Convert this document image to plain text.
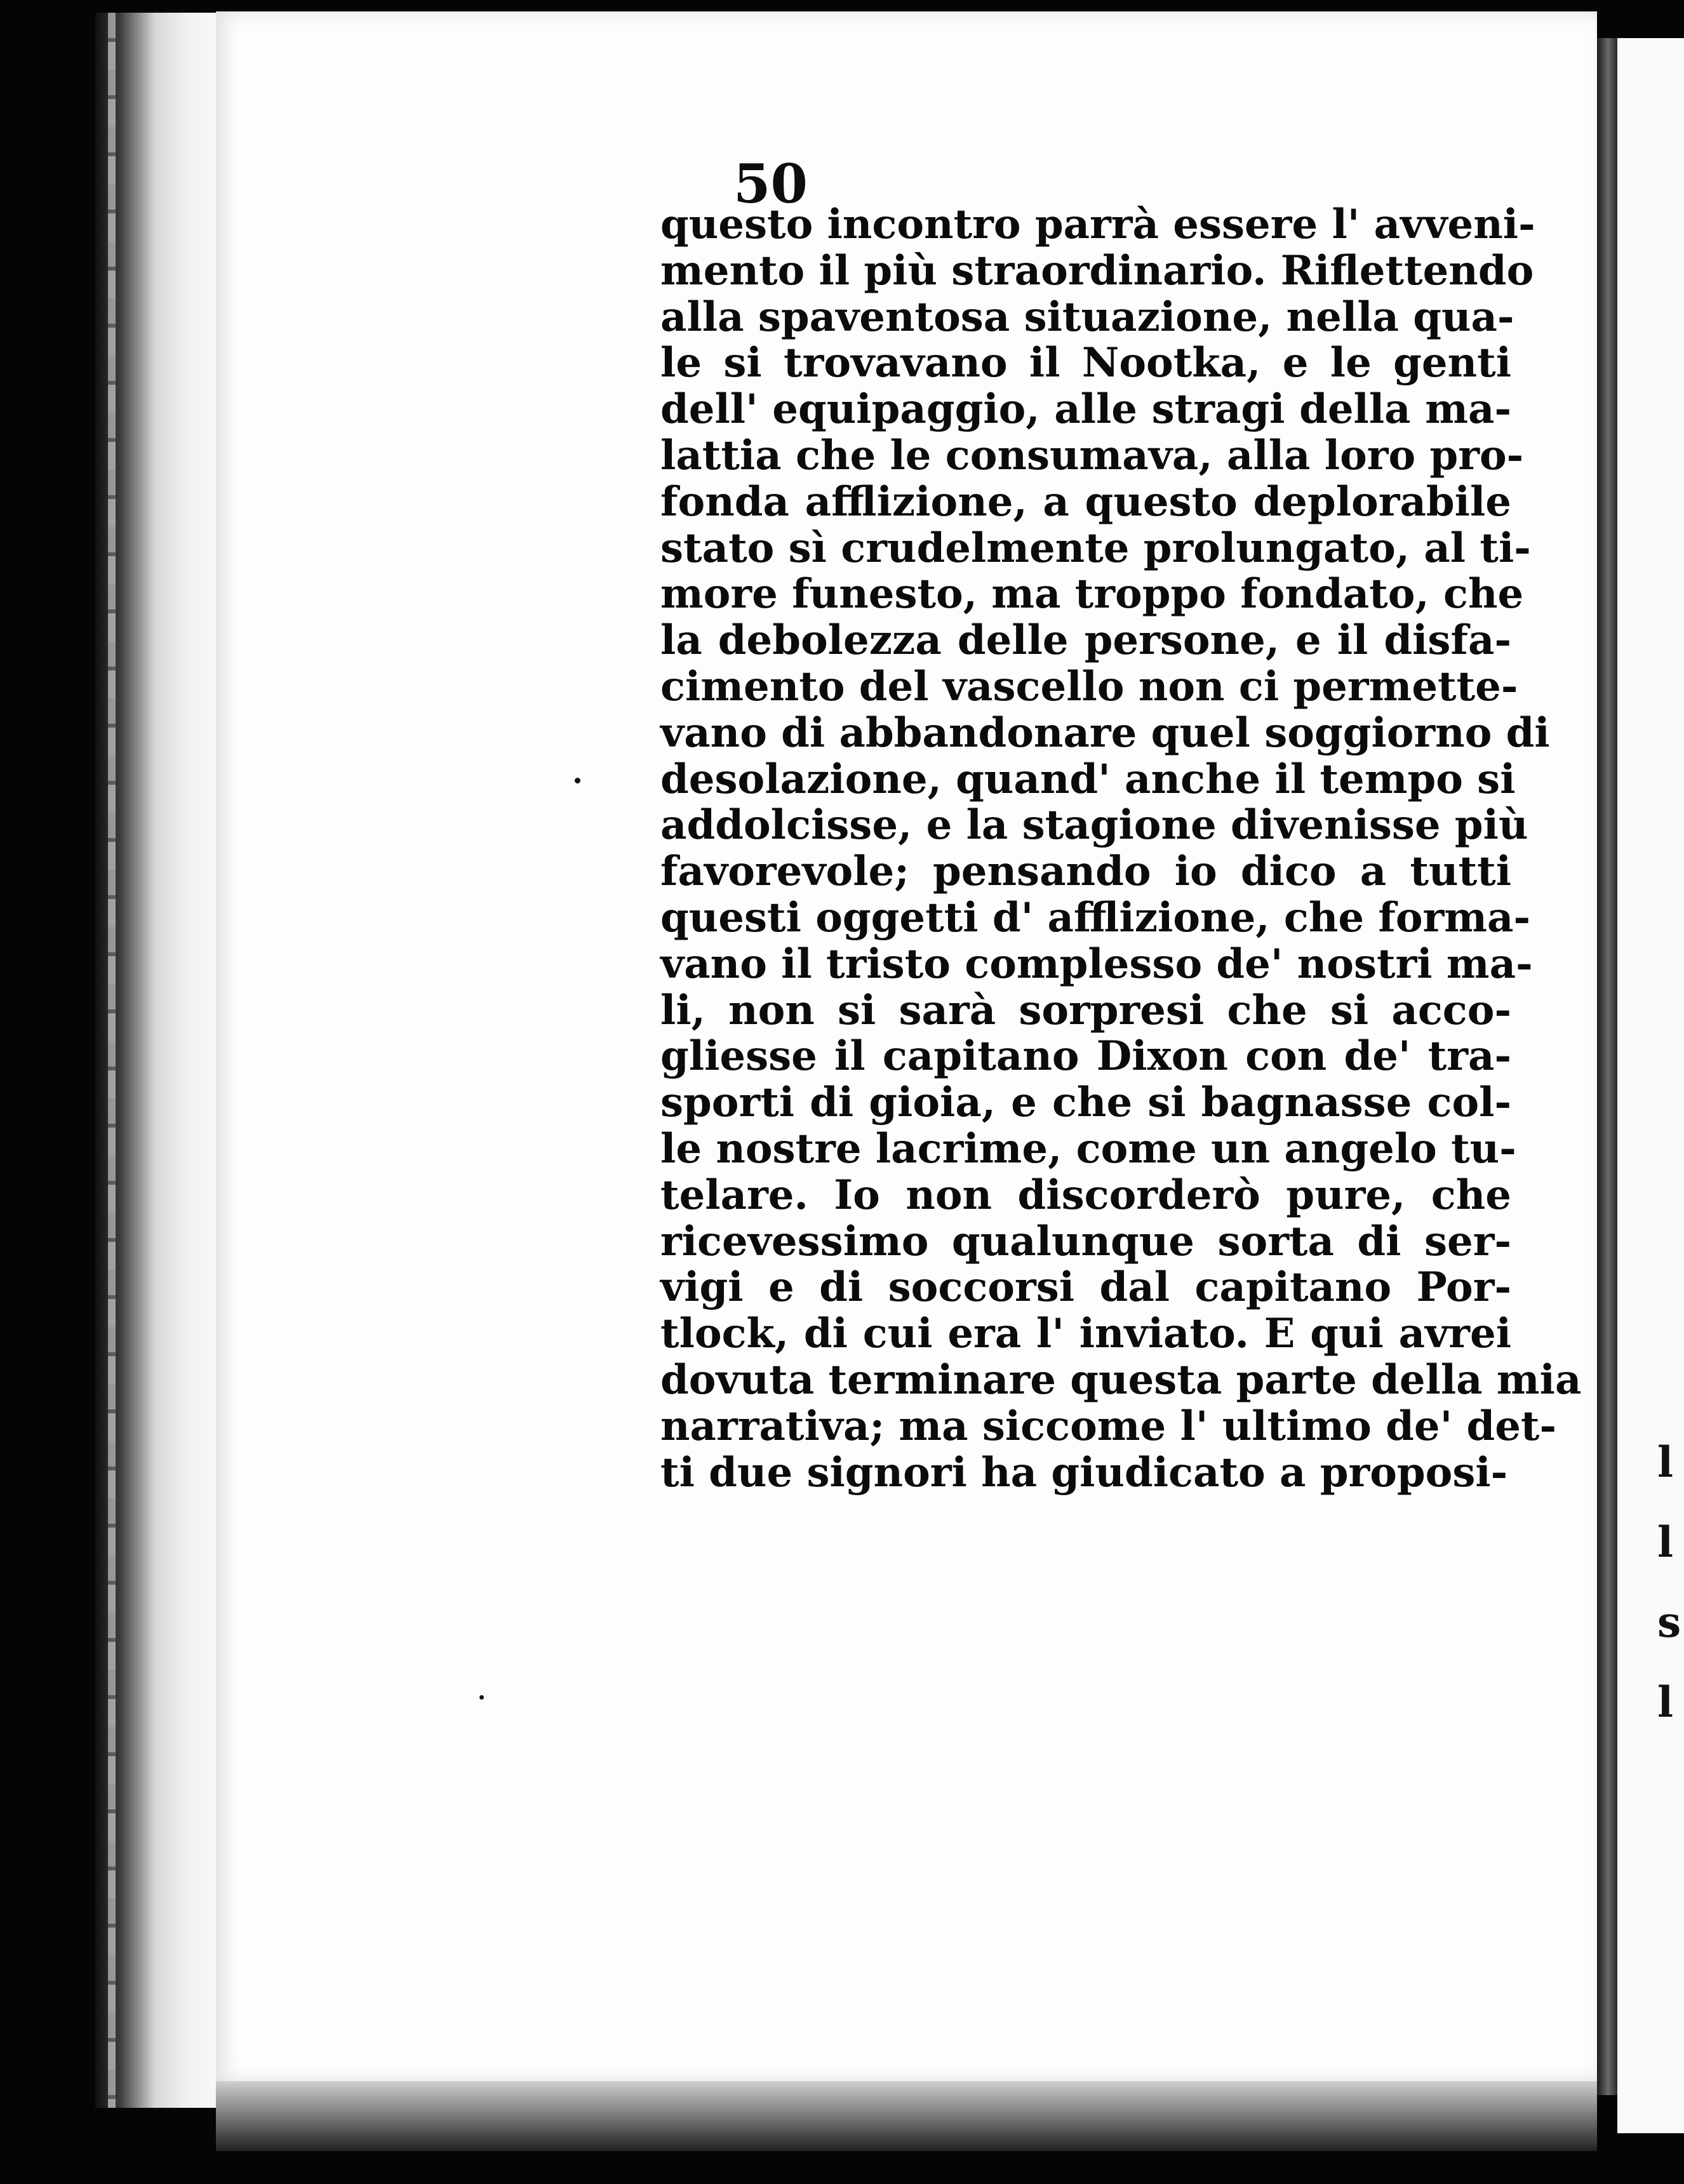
l
l
s
l

50

questo incontro parrà essere l' avveni-
mento il più straordinario. Riflettendo
alla spaventosa situazione, nella qua-
le si trovavano il Nootka, e le genti
dell' equipaggio, alle stragi della ma-
lattia che le consumava, alla loro pro-
fonda afflizione, a questo deplorabile
stato sì crudelmente prolungato, al ti-
more funesto, ma troppo fondato, che
la debolezza delle persone, e il disfa-
cimento del vascello non ci permette-
vano di abbandonare quel soggiorno di
desolazione, quand' anche il tempo si
addolcisse, e la stagione divenisse più
favorevole; pensando io dico a tutti
questi oggetti d' afflizione, che forma-
vano il tristo complesso de' nostri ma-
li, non si sarà sorpresi che si acco-
gliesse il capitano Dixon con de' tra-
sporti di gioia, e che si bagnasse col-
le nostre lacrime, come un angelo tu-
telare. Io non discorderò pure, che
ricevessimo qualunque sorta di ser-
vigi e di soccorsi dal capitano Por-
tlock, di cui era l' inviato. E qui avrei
dovuta terminare questa parte della mia
narrativa; ma siccome l' ultimo de' det-
ti due signori ha giudicato a proposi-
